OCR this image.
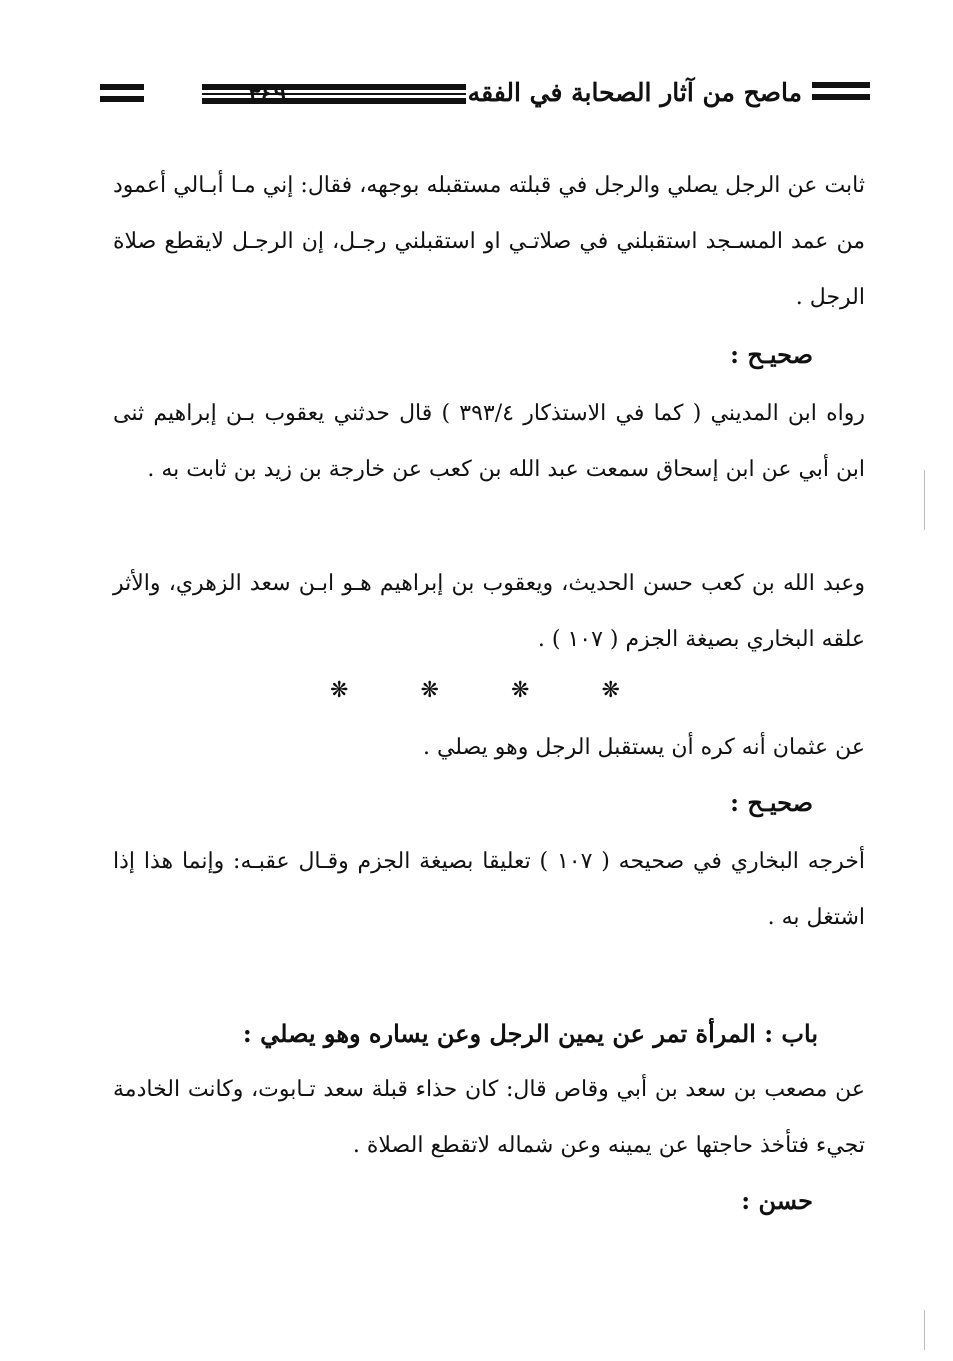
ماصح من آثار الصحابة في الفقه
ثابت عن الرجل يصلي والرجل في قبلته مستقبله بوجهه، فقال: إني مـا أبـالي أعمود من عمد المسـجد استقبلني في صلاتـي او استقبلني رجـل، إن الرجـل لايقطع صلاة الرجل .
صحيـح :
رواه ابن المديني ( كما في الاستذكار ٣٩٣/٤ ) قال حدثني يعقوب بـن إبراهيم ثنى ابن أبي عن ابن إسحاق سمعت عبد الله بن كعب عن خارجة بن زيد بن ثابت به .
وعبد الله بن كعب حسن الحديث، ويعقوب بن إبراهيم هـو ابـن سعد الزهري، والأثر علقه البخاري بصيغة الجزم ( ١٠٧ ) .
❋	❋	❋	❋
عن عثمان أنه كره أن يستقبل الرجل وهو يصلي .
صحيـح :
أخرجه البخاري في صحيحه ( ١٠٧ ) تعليقا بصيغة الجزم وقـال عقبـه: وإنما هذا إذا اشتغل به .
باب : المرأة تمر عن يمين الرجل وعن يساره وهو يصلي :
عن مصعب بن سعد بن أبي وقاص قال: كان حذاء قبلة سعد تـابوت، وكانت الخادمة تجيء فتأخذ حاجتها عن يمينه وعن شماله لاتقطع الصلاة .
حسن :
